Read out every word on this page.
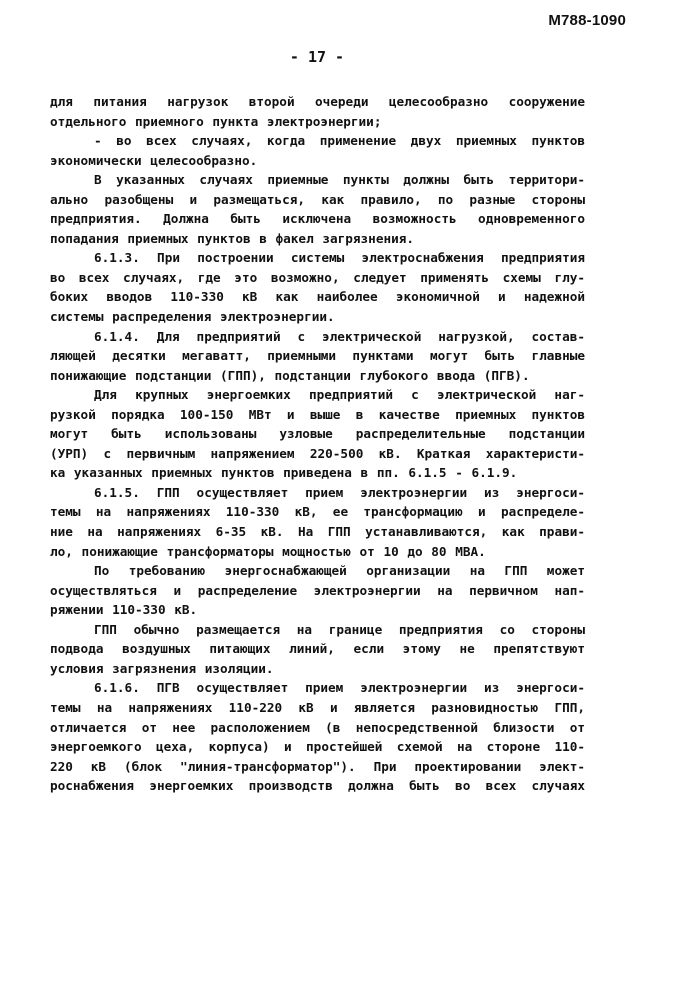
М788-1090
- 17 -
для питания нагрузок второй очереди целесообразно сооружение
отдельного приемного пункта электроэнергии;
- во всех случаях, когда применение двух приемных пунктов
экономически целесообразно.
В указанных случаях приемные пункты должны быть территори-
ально разобщены и размещаться, как правило, по разные стороны
предприятия. Должна быть исключена возможность одновременного
попадания приемных пунктов в факел загрязнения.
6.1.3. При построении системы электроснабжения предприятия
во всех случаях, где это возможно, следует применять схемы глу-
боких вводов 110-330 кВ как наиболее экономичной и надежной
системы распределения электроэнергии.
6.1.4. Для предприятий с электрической нагрузкой, состав-
ляющей десятки мегаватт, приемными пунктами могут быть главные
понижающие подстанции (ГПП), подстанции глубокого ввода (ПГВ).
Для крупных энергоемких предприятий с электрической наг-
рузкой порядка 100-150 МВт и выше в качестве приемных пунктов
могут быть использованы узловые распределительные подстанции
(УРП) с первичным напряжением 220-500 кВ. Краткая характеристи-
ка указанных приемных пунктов приведена в пп. 6.1.5 - 6.1.9.
6.1.5. ГПП осуществляет прием электроэнергии из энергоси-
темы на напряжениях 110-330 кВ, ее трансформацию и распределе-
ние на напряжениях 6-35 кВ. На ГПП устанавливаются, как прави-
ло, понижающие трансформаторы мощностью от 10 до 80 МВА.
По требованию энергоснабжающей организации на ГПП может
осуществляться и распределение электроэнергии на первичном нап-
ряжении 110-330 кВ.
ГПП обычно размещается на границе предприятия со стороны
подвода воздушных питающих линий, если этому не препятствуют
условия загрязнения изоляции.
6.1.6. ПГВ осуществляет прием электроэнергии из энергоси-
темы на напряжениях 110-220 кВ и является разновидностью ГПП,
отличается от нее расположением (в непосредственной близости от
энергоемкого цеха, корпуса) и простейшей схемой на стороне 110-
220 кВ (блок "линия-трансформатор"). При проектировании элект-
роснабжения энергоемких производств должна быть во всех случаях
